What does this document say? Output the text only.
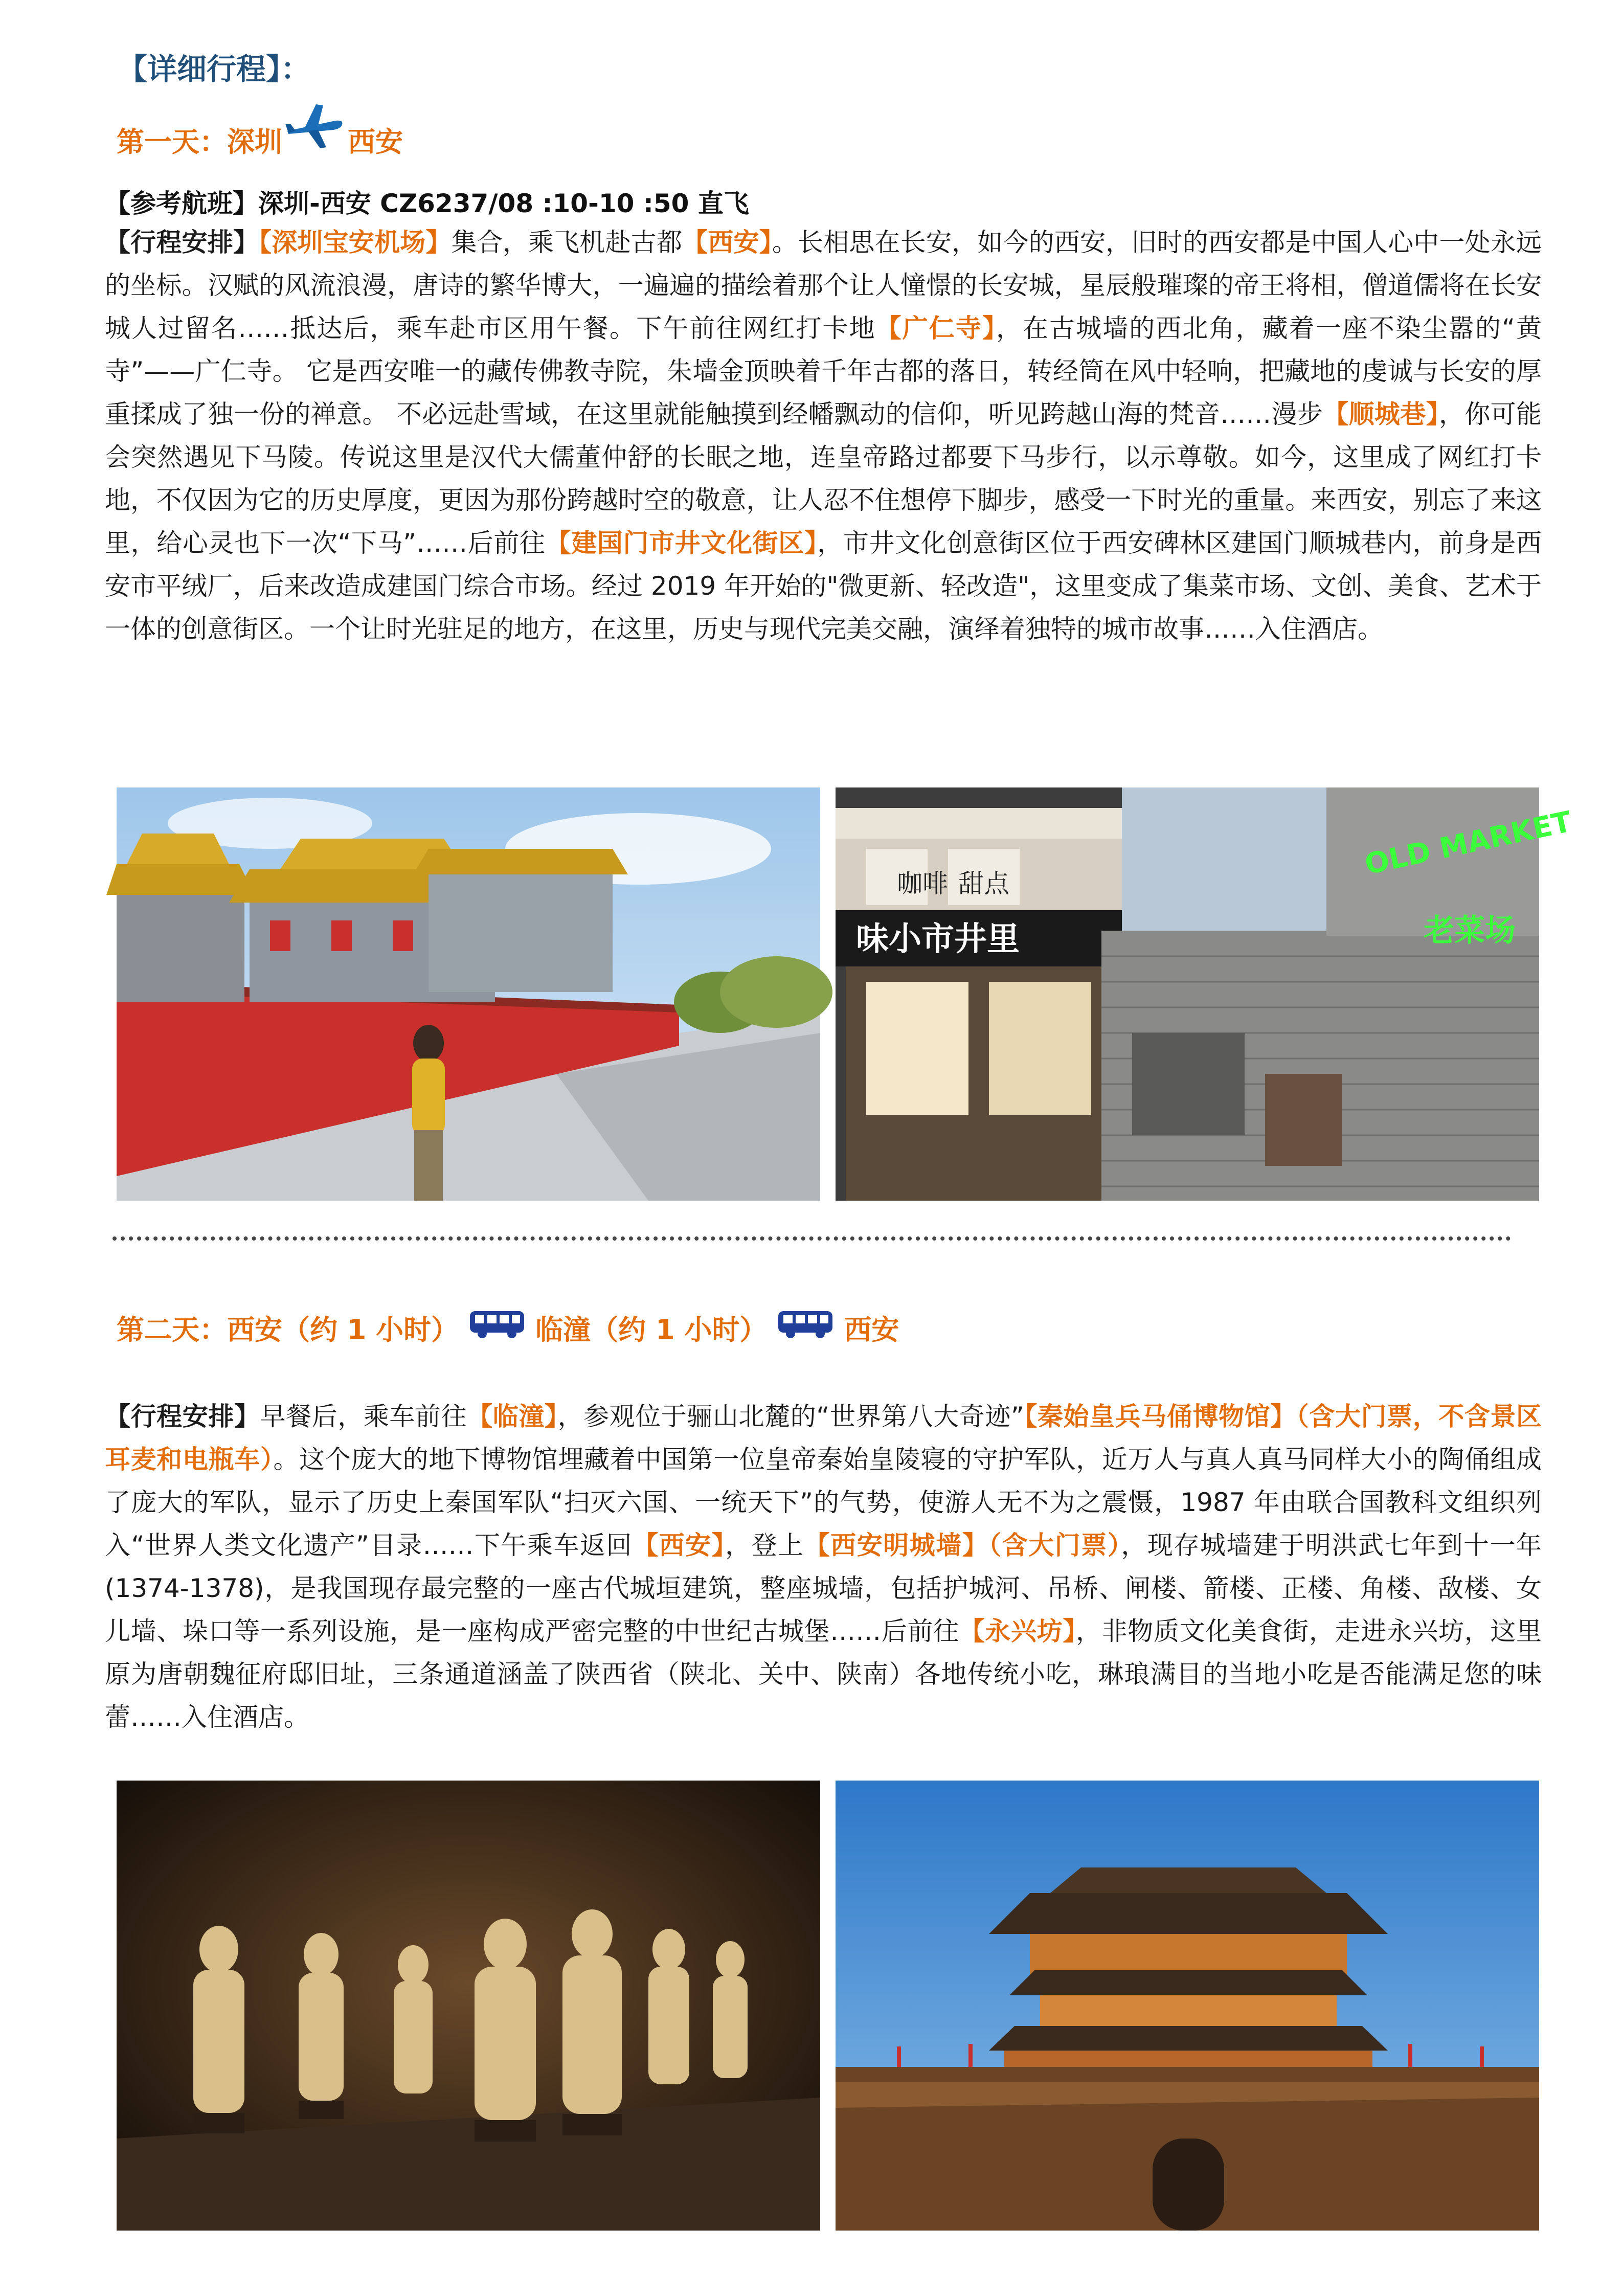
【详细行程】：
第一天：深圳 西安
【参考航班】深圳-西安 CZ6237/08 :10-10 :50 直飞
【行程安排】【深圳宝安机场】集合，乘飞机赴古都【西安】。长相思在长安，如今的西安，旧时的西安都是中国人心中一处永远的坐标。汉赋的风流浪漫，唐诗的繁华博大，一遍遍的描绘着那个让人憧憬的长安城，星辰般璀璨的帝王将相，僧道儒将在长安城人过留名……抵达后，乘车赴市区用午餐。下午前往网红打卡地【广仁寺】，在古城墙的西北角，藏着一座不染尘嚣的“黄寺”——广仁寺。 它是西安唯一的藏传佛教寺院，朱墙金顶映着千年古都的落日，转经筒在风中轻响，把藏地的虔诚与长安的厚重揉成了独一份的禅意。 不必远赴雪域，在这里就能触摸到经幡飘动的信仰，听见跨越山海的梵音……漫步【顺城巷】，你可能会突然遇见下马陵。传说这里是汉代大儒董仲舒的长眠之地，连皇帝路过都要下马步行，以示尊敬。如今，这里成了网红打卡地，不仅因为它的历史厚度，更因为那份跨越时空的敬意，让人忍不住想停下脚步，感受一下时光的重量。来西安，别忘了来这里，给心灵也下一次“下马”……后前往【建国门市井文化街区】，市井文化创意街区位于西安碑林区建国门顺城巷内，前身是西安市平绒厂，后来改造成建国门综合市场。经过 2019 年开始的"微更新、轻改造"，这里变成了集菜市场、文创、美食、艺术于一体的创意街区。一个让时光驻足的地方，在这里，历史与现代完美交融，演绎着独特的城市故事……入住酒店。
咖啡 甜点
味小市井里
OLD MARKET
老菜场
第二天：西安（约 1 小时）	临潼（约 1 小时）	西安
【行程安排】早餐后，乘车前往【临潼】，参观位于骊山北麓的“世界第八大奇迹”【秦始皇兵马俑博物馆】（含大门票，不含景区耳麦和电瓶车）。这个庞大的地下博物馆埋藏着中国第一位皇帝秦始皇陵寝的守护军队，近万人与真人真马同样大小的陶俑组成了庞大的军队，显示了历史上秦国军队“扫灭六国、一统天下”的气势，使游人无不为之震慑，1987 年由联合国教科文组织列入“世界人类文化遗产”目录……下午乘车返回【西安】，登上【西安明城墙】（含大门票），现存城墙建于明洪武七年到十一年(1374-1378)，是我国现存最完整的一座古代城垣建筑，整座城墙，包括护城河、吊桥、闸楼、箭楼、正楼、角楼、敌楼、女儿墙、垛口等一系列设施，是一座构成严密完整的中世纪古城堡……后前往【永兴坊】，非物质文化美食街，走进永兴坊，这里原为唐朝魏征府邸旧址，三条通道涵盖了陕西省（陕北、关中、陕南）各地传统小吃，琳琅满目的当地小吃是否能满足您的味蕾……入住酒店。
